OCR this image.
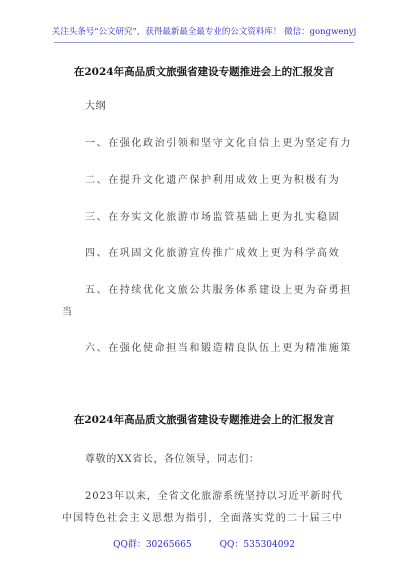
关注头条号“公文研究”，获得最新最全最专业的公文资料库！ 微信：gongwenyj
在2024年高品质文旅强省建设专题推进会上的汇报发言
大纲
一、在强化政治引领和坚守文化自信上更为坚定有力
二、在提升文化遗产保护利用成效上更为积极有为
三、在夯实文化旅游市场监管基础上更为扎实稳固
四、在巩固文化旅游宣传推广成效上更为科学高效
五、在持续优化文旅公共服务体系建设上更为奋勇担
当
六、在强化使命担当和锻造精良队伍上更为精准施策
在2024年高品质文旅强省建设专题推进会上的汇报发言
尊敬的XX省长，各位领导，同志们：
2023年以来，全省文化旅游系统坚持以习近平新时代
中国特色社会主义思想为指引，全面落实党的二十届三中
QQ群：30265665	QQ：535304092
